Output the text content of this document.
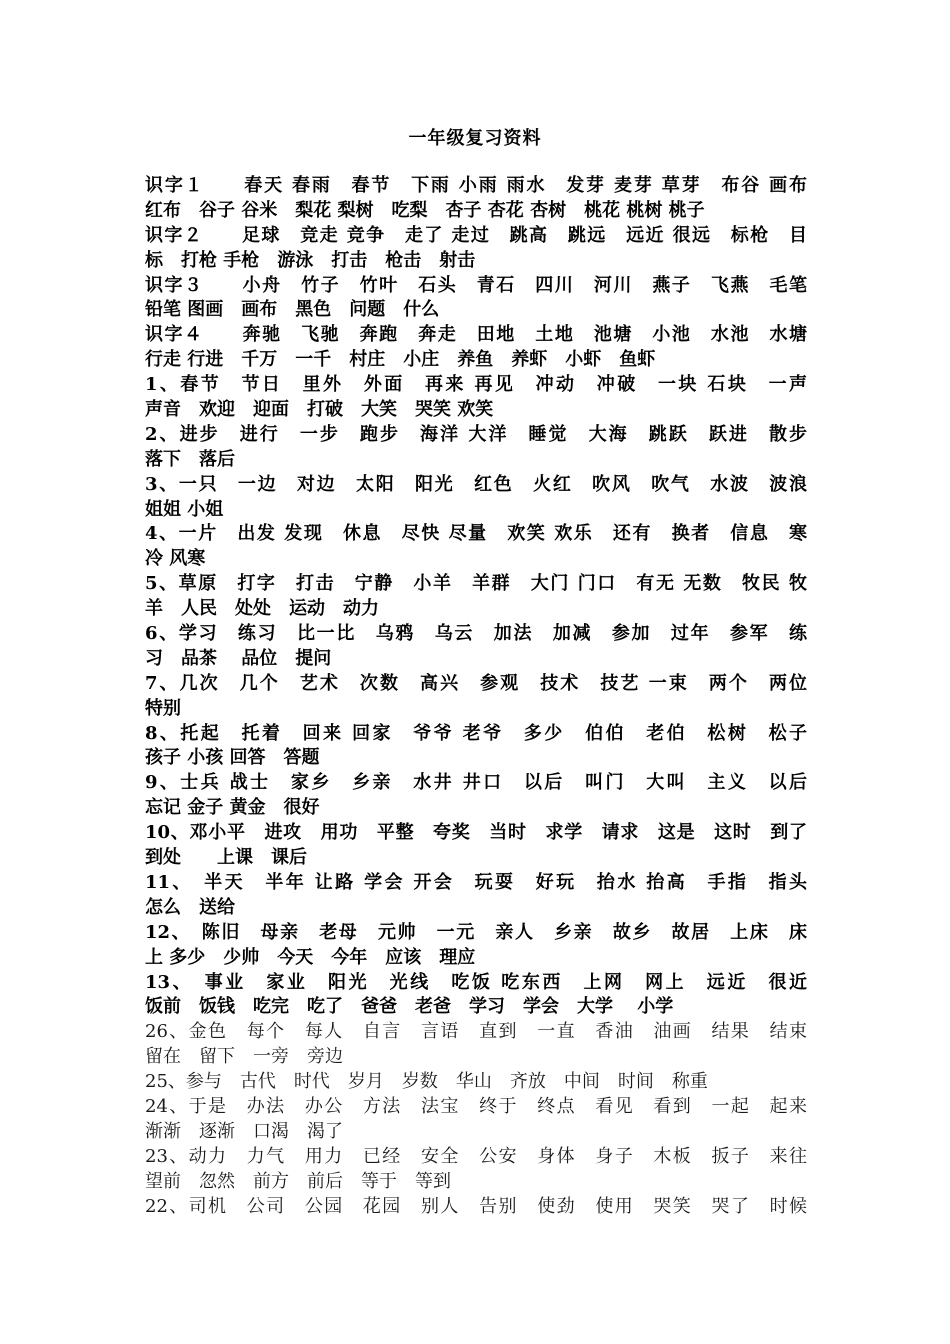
一年级复习资料
识字１　　春天 春雨　春节　下雨 小雨 雨水　发芽 麦芽 草芽　布谷 画布
红布　谷子 谷米　梨花 梨树　吃梨　杏子 杏花 杏树　桃花 桃树 桃子
识字２　　足球　竞走 竞争　走了 走过　跳高　跳远　远近 很远　标枪　目
标　打枪 手枪　游泳　打击　枪击　射击
识字３　　小舟　竹子　竹叶　石头　青石　四川　河川　燕子　飞燕　毛笔
铅笔 图画　画布　黑色　问题　什么
识字４　　奔驰　飞驰　奔跑　奔走　田地　土地　池塘　小池　水池　水塘
行走 行进　千万　一千　村庄　小庄　养鱼　养虾　小虾　鱼虾
1、春节　节日　里外　外面　再来 再见　冲动　冲破　一块 石块　一声
声音　欢迎　迎面　打破　大笑　哭笑 欢笑
2、进步　进行　一步　跑步　海洋 大洋　睡觉　大海　跳跃　跃进　散步
落下　落后
3、一只　一边　对边　太阳　阳光　红色　火红　吹风　吹气　水波　波浪
姐姐 小姐
4、一片　出发 发现　休息　尽快 尽量　欢笑 欢乐　还有　换者　信息　寒
冷 风寒
5、草原　打字　打击　宁静　小羊　羊群　大门 门口　有无 无数　牧民 牧
羊　人民　处处　运动　动力
6、学习　练习　比一比　乌鸦　乌云　加法　加减　参加　过年　参军　练
习　品茶　 品位　提问
7、几次　几个　艺术　次数　高兴　参观　技术　技艺 一束　两个　两位
特别
8、托起　托着　回来 回家　爷爷 老爷　多少　伯伯　老伯　松树　松子
孩子 小孩 回答　答题
9、士兵 战士　家乡　乡亲　水井 井口　以后　叫门　大叫　主义　以后
忘记 金子 黄金　很好
10、邓小平　进攻　用功　平整　夸奖　当时　求学　请求　这是　这时　到了
到处　　上课　课后
11、　半天　半年 让路 学会 开会　玩耍　好玩　抬水 抬高　手指　指头
怎么　送给
12、　陈旧　母亲　老母　元帅　一元　亲人　乡亲　故乡　故居　上床　床
上 多少　少帅　今天　今年　应该　理应
13、　事业　家业　阳光　光线　吃饭 吃东西　上网　网上　远近　很近
饭前　饭钱　吃完　吃了　爸爸　老爸　学习　学会　大学　 小学
26、金色　每个　每人　自言　言语　直到　一直　香油　油画　结果　结束
留在　留下　一旁　旁边
25、参与　古代　时代　岁月　岁数　华山　齐放　中间　时间　称重
24、于是　办法　办公　方法　法宝　终于　终点　看见　看到　一起　起来
渐渐　逐渐　口渴　渴了
23、动力　力气　用力　已经　安全　公安　身体　身子　木板　扳子　来往
望前　忽然　前方　前后　等于　等到
22、司机　公司　公园　花园　别人　告别　使劲　使用　哭笑　哭了　时候
